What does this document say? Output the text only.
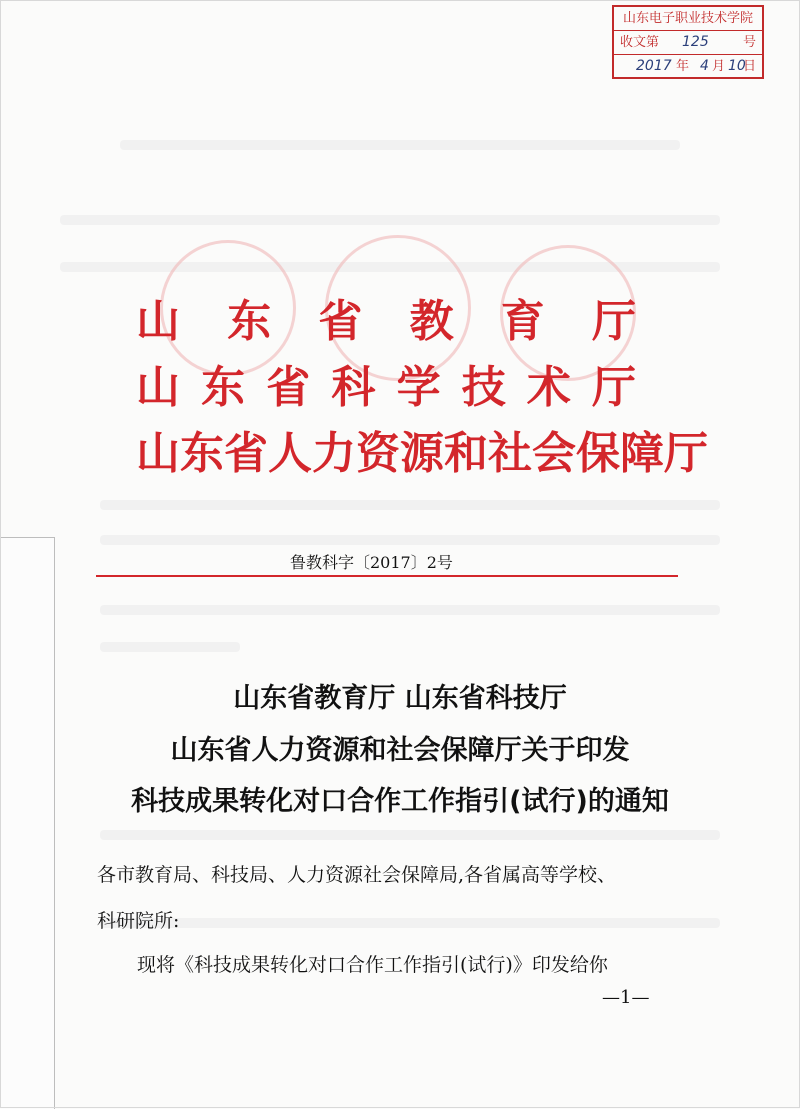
山东电子职业技术学院
收文第 125	号
2017 年 4 月 10
日
山 东 省 教 育 厅
山 东 省 科 学 技 术 厅
山 东 省 人 力 资 源 和 社 会 保 障 厅
鲁教科字〔2017〕2号
山东省教育厅 山东省科技厅
山东省人力资源和社会保障厅关于印发
科技成果转化对口合作工作指引(试行)的通知
各市教育局、科技局、人力资源社会保障局,各省属高等学校、
科研院所:
现将《科技成果转化对口合作工作指引(试行)》印发给你
—1—
